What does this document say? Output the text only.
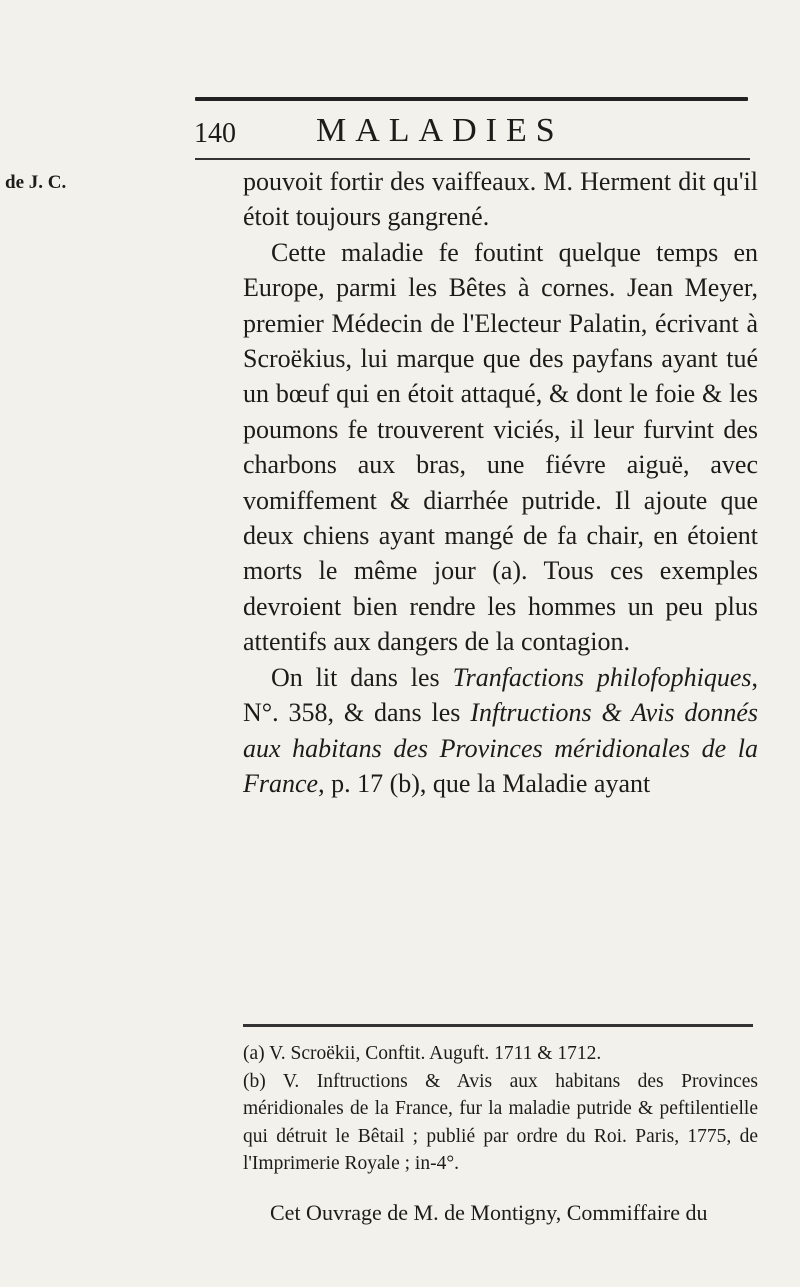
140 MALADIES
de J. C.	pouvoit fortir des vaiffeaux. M. Herment dit qu'il étoit toujours gangrené.

Cette maladie fe foutint quelque temps en Europe, parmi les Bêtes à cornes. Jean Meyer, premier Médecin de l'Electeur Palatin, écrivant à Scroëkius, lui marque que des payfans ayant tué un bœuf qui en étoit attaqué, & dont le foie & les poumons fe trouverent viciés, il leur furvint des charbons aux bras, une fiévre aiguë, avec vomiffement & diarrhée putride. Il ajoute que deux chiens ayant mangé de fa chair, en étoient morts le même jour (a). Tous ces exemples devroient bien rendre les hommes un peu plus attentifs aux dangers de la contagion.

On lit dans les Tranfactions philofophiques, N°. 358, & dans les Inftructions & Avis donnés aux habitans des Provinces méridionales de la France, p. 17 (b), que la Maladie ayant

(a) V. Scroëkii, Conftit. Auguft. 1711 & 1712.

(b) V. Inftructions & Avis aux habitans des Provinces méridionales de la France, fur la maladie putride & peftilentielle qui détruit le Bêtail ; publié par ordre du Roi. Paris, 1775, de l'Imprimerie Royale ; in-4°.

Cet Ouvrage de M. de Montigny, Commiffaire du
